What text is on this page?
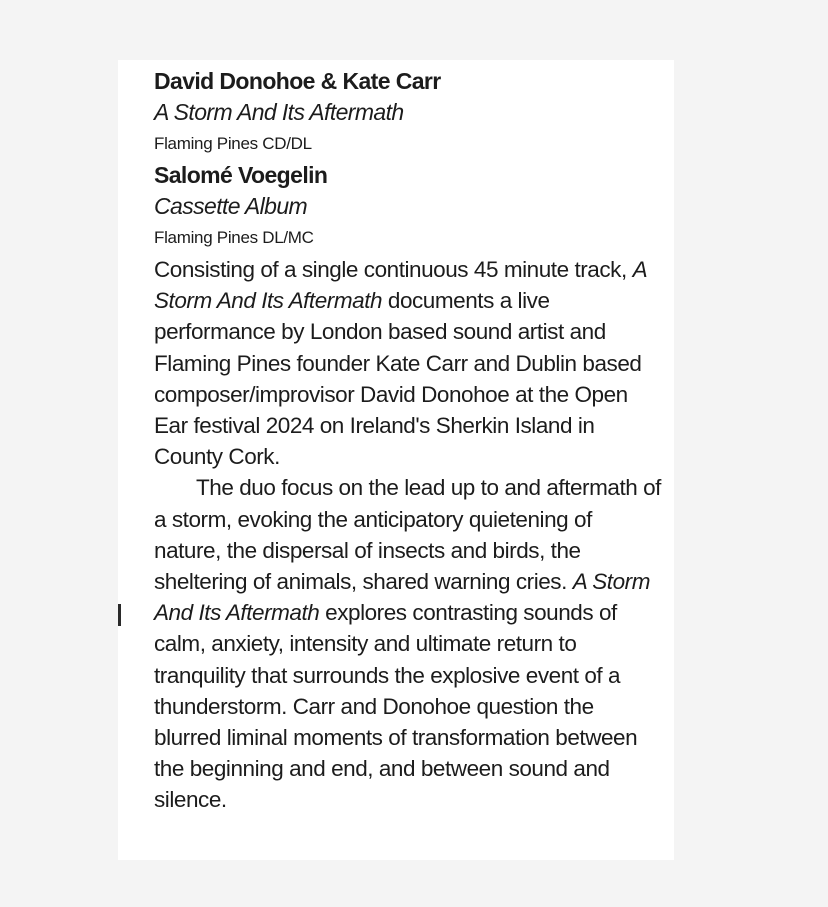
David Donohoe & Kate Carr

A Storm And Its Aftermath

Flaming Pines CD/DL

Salomé Voegelin

Cassette Album

Flaming Pines DL/MC

Consisting of a single continuous 45 minute track, A Storm And Its Aftermath documents a live performance by London based sound artist and Flaming Pines founder Kate Carr and Dublin based composer/improvisor David Donohoe at the Open Ear festival 2024 on Ireland's Sherkin Island in County Cork.

The duo focus on the lead up to and aftermath of a storm, evoking the anticipatory quietening of nature, the dispersal of insects and birds, the sheltering of animals, shared warning cries. A Storm And Its Aftermath explores contrasting sounds of calm, anxiety, intensity and ultimate return to tranquility that surrounds the explosive event of a thunderstorm. Carr and Donohoe question the blurred liminal moments of transformation between the beginning and end, and between sound and silence.
